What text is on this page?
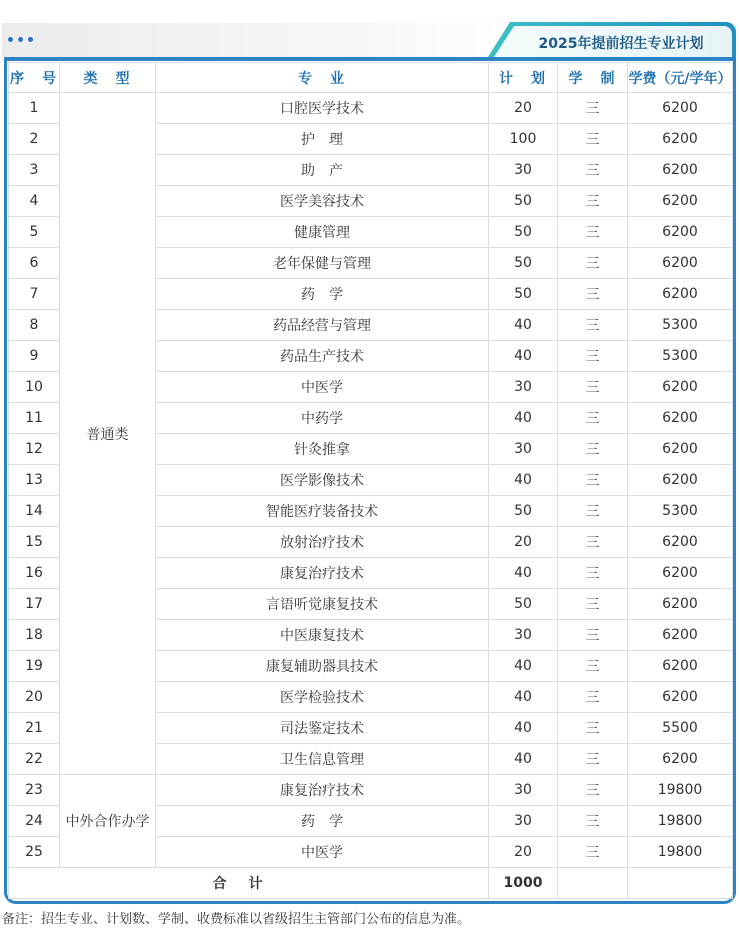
2025年提前招生专业计划
序　号	类　型	专　业	计　划	学　制	学费（元/学年）
1	普通类	口腔医学技术	20	三	6200
2		护　理	100	三	6200
3		助　产	30	三	6200
4		医学美容技术	50	三	6200
5		健康管理	50	三	6200
6		老年保健与管理	50	三	6200
7		药　学	50	三	6200
8		药品经营与管理	40	三	5300
9		药品生产技术	40	三	5300
10		中医学	30	三	6200
11		中药学	40	三	6200
12		针灸推拿	30	三	6200
13		医学影像技术	40	三	6200
14		智能医疗装备技术	50	三	5300
15		放射治疗技术	20	三	6200
16		康复治疗技术	40	三	6200
17		言语听觉康复技术	50	三	6200
18		中医康复技术	30	三	6200
19		康复辅助器具技术	40	三	6200
20		医学检验技术	40	三	6200
21		司法鉴定技术	40	三	5500
22		卫生信息管理	40	三	6200
23	中外合作办学	康复治疗技术	30	三	19800
24		药　学	30	三	19800
25		中医学	20	三	19800
合计			1000		
备注：招生专业、计划数、学制、收费标准以省级招生主管部门公布的信息为准。
